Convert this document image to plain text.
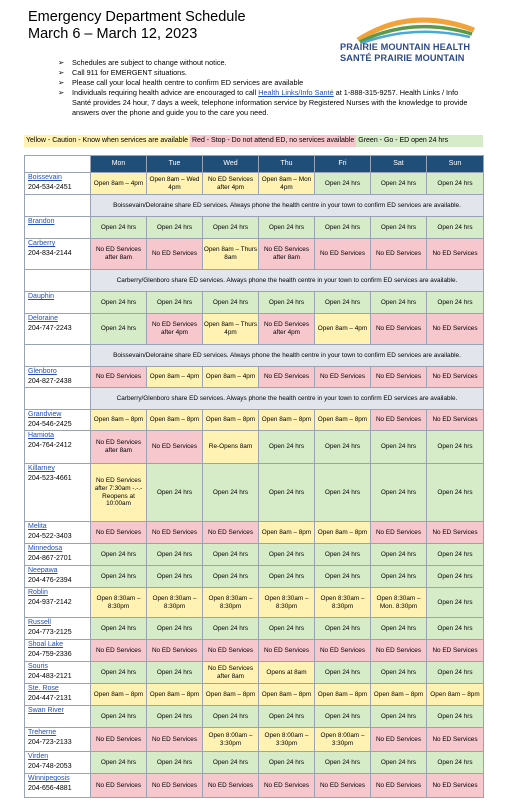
Emergency Department Schedule
March 6 – March 12, 2023
PRAIRIE MOUNTAIN HEALTH
SANTÉ PRAIRIE MOUNTAIN
➢ Schedules are subject to change without notice.
➢ Call 911 for EMERGENT situations.
➢ Please call your local health centre to confirm ED services are available
➢ Individuals requiring health advice are encouraged to call Health Links/Info Santé at 1-888-315-9257. Health Links / Info Santé provides 24 hour, 7 days a week, telephone information service by Registered Nurses with the knowledge to provide answers over the phone and guide you to the care you need.
Yellow - Caution - Know when services are available Red - Stop - Do not attend ED, no services available Green - Go - ED open 24 hrs
	Mon	Tue	Wed	Thu	Fri	Sat	Sun

Boissevain
204-534-2451	Open 8am – 4pm	Open 8am – Wed 4pm	No ED Services after 4pm	Open 8am – Mon 4pm	Open 24 hrs	Open 24 hrs	Open 24 hrs
	Boissevain/Deloraine share ED services. Always phone the health centre in your town to confirm ED services are available.						

Brandon	Open 24 hrs	Open 24 hrs	Open 24 hrs	Open 24 hrs	Open 24 hrs	Open 24 hrs	Open 24 hrs

Carberry
204-834-2144	No ED Services after 8am	No ED Services	Open 8am – Thurs 8am	No ED Services after 8am	No ED Services	No ED Services	No ED Services
	Carberry/Glenboro share ED services. Always phone the health centre in your town to confirm ED services are available.						

Dauphin	Open 24 hrs	Open 24 hrs	Open 24 hrs	Open 24 hrs	Open 24 hrs	Open 24 hrs	Open 24 hrs

Deloraine
204-747-2243	Open 24 hrs	No ED Services after 4pm	Open 8am – Thurs 4pm	No ED Services after 4pm	Open 8am – 4pm	No ED Services	No ED Services
	Boissevain/Deloraine share ED services. Always phone the health centre in your town to confirm ED services are available.						

Glenboro
204-827-2438	No ED Services	Open 8am – 4pm	Open 8am – 4pm	No ED Services	No ED Services	No ED Services	No ED Services
	Carberry/Glenboro share ED services. Always phone the health centre in your town to confirm ED services are available.						

Grandview
204-546-2425	Open 8am – 8pm	Open 8am – 8pm	Open 8am – 8pm	Open 8am – 8pm	Open 8am – 8pm	No ED Services	No ED Services

Hamiota
204-764-2412	No ED Services after 8am	No ED Services	Re-Opens 8am	Open 24 hrs	Open 24 hrs	Open 24 hrs	Open 24 hrs

Killarney
204-523-4661	No ED Services after 7:30am -.-.- Reopens at 10:00am	Open 24 hrs	Open 24 hrs	Open 24 hrs	Open 24 hrs	Open 24 hrs	Open 24 hrs

Melita
204-522-3403	No ED Services	No ED Services	No ED Services	Open 8am – 8pm	Open 8am – 8pm	No ED Services	No ED Services

Minnedosa
204-867-2701	Open 24 hrs	Open 24 hrs	Open 24 hrs	Open 24 hrs	Open 24 hrs	Open 24 hrs	Open 24 hrs

Neepawa
204-476-2394	Open 24 hrs	Open 24 hrs	Open 24 hrs	Open 24 hrs	Open 24 hrs	Open 24 hrs	Open 24 hrs

Roblin
204-937-2142	Open 8:30am – 8:30pm	Open 8:30am – 8:30pm	Open 8:30am – 8:30pm	Open 8:30am – 8:30pm	Open 8:30am – 8:30pm	Open 8:30am – Mon. 8:30pm	Open 24 hrs

Russell
204-773-2125	Open 24 hrs	Open 24 hrs	Open 24 hrs	Open 24 hrs	Open 24 hrs	Open 24 hrs	Open 24 hrs

Shoal Lake
204-759-2336	No ED Services	No ED Services	No ED Services	No ED Services	No ED Services	No ED Services	No ED Services

Souris
204-483-2121	Open 24 hrs	Open 24 hrs	No ED Services after 8am	Opens at 8am	Open 24 hrs	Open 24 hrs	Open 24 hrs

Ste. Rose
204-447-2131	Open 8am – 8pm	Open 8am – 8pm	Open 8am – 8pm	Open 8am – 8pm	Open 8am – 8pm	Open 8am – 8pm	Open 8am – 8pm

Swan River	Open 24 hrs	Open 24 hrs	Open 24 hrs	Open 24 hrs	Open 24 hrs	Open 24 hrs	Open 24 hrs

Treherne
204-723-2133	No ED Services	No ED Services	Open 8:00am – 3:30pm	Open 8:00am – 3:30pm	Open 8:00am – 3:30pm	No ED Services	No ED Services

Virden
204-748-2053	Open 24 hrs	Open 24 hrs	Open 24 hrs	Open 24 hrs	Open 24 hrs	Open 24 hrs	Open 24 hrs

Winnipegosis
204-656-4881	No ED Services	No ED Services	No ED Services	No ED Services	No ED Services	No ED Services	No ED Services
